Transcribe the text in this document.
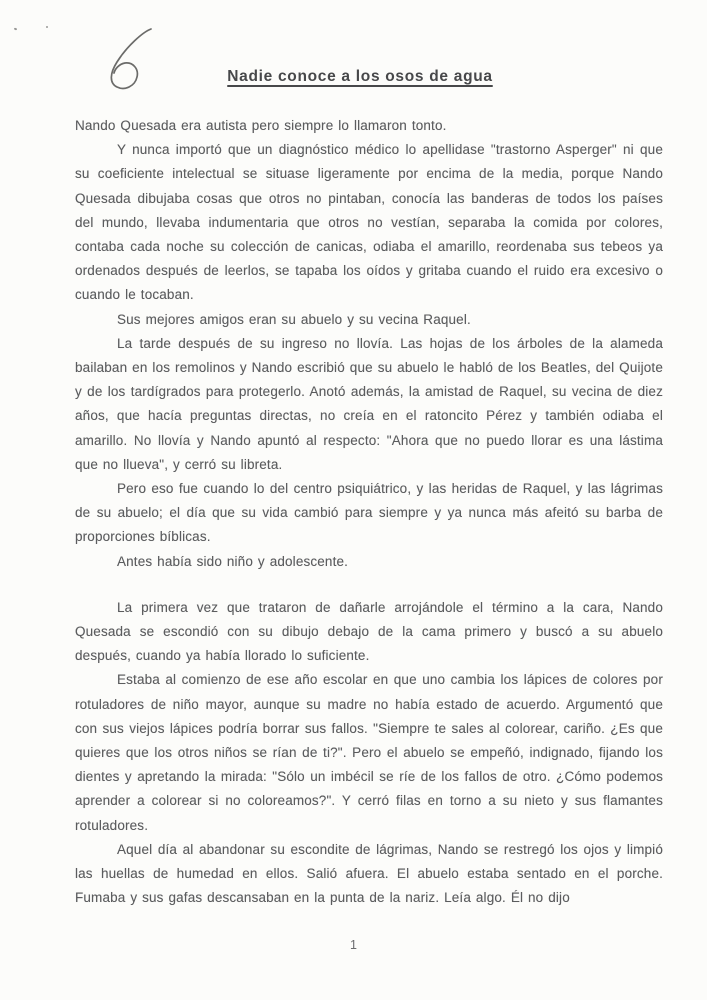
Nadie conoce a los osos de agua

Nando Quesada era autista pero siempre lo llamaron tonto.

Y nunca importó que un diagnóstico médico lo apellidase "trastorno Asperger" ni que su coeficiente intelectual se situase ligeramente por encima de la media, porque Nando Quesada dibujaba cosas que otros no pintaban, conocía las banderas de todos los países del mundo, llevaba indumentaria que otros no vestían, separaba la comida por colores, contaba cada noche su colección de canicas, odiaba el amarillo, reordenaba sus tebeos ya ordenados después de leerlos, se tapaba los oídos y gritaba cuando el ruido era excesivo o cuando le tocaban.

Sus mejores amigos eran su abuelo y su vecina Raquel.

La tarde después de su ingreso no llovía. Las hojas de los árboles de la alameda bailaban en los remolinos y Nando escribió que su abuelo le habló de los Beatles, del Quijote y de los tardígrados para protegerlo. Anotó además, la amistad de Raquel, su vecina de diez años, que hacía preguntas directas, no creía en el ratoncito Pérez y también odiaba el amarillo. No llovía y Nando apuntó al respecto: "Ahora que no puedo llorar es una lástima que no llueva", y cerró su libreta.

Pero eso fue cuando lo del centro psiquiátrico, y las heridas de Raquel, y las lágrimas de su abuelo; el día que su vida cambió para siempre y ya nunca más afeitó su barba de proporciones bíblicas.

Antes había sido niño y adolescente.

La primera vez que trataron de dañarle arrojándole el término a la cara, Nando Quesada se escondió con su dibujo debajo de la cama primero y buscó a su abuelo después, cuando ya había llorado lo suficiente.

Estaba al comienzo de ese año escolar en que uno cambia los lápices de colores por rotuladores de niño mayor, aunque su madre no había estado de acuerdo. Argumentó que con sus viejos lápices podría borrar sus fallos. "Siempre te sales al colorear, cariño. ¿Es que quieres que los otros niños se rían de ti?". Pero el abuelo se empeñó, indignado, fijando los dientes y apretando la mirada: "Sólo un imbécil se ríe de los fallos de otro. ¿Cómo podemos aprender a colorear si no coloreamos?". Y cerró filas en torno a su nieto y sus flamantes rotuladores.

Aquel día al abandonar su escondite de lágrimas, Nando se restregó los ojos y limpió las huellas de humedad en ellos. Salió afuera. El abuelo estaba sentado en el porche. Fumaba y sus gafas descansaban en la punta de la nariz. Leía algo. Él no dijo

1
